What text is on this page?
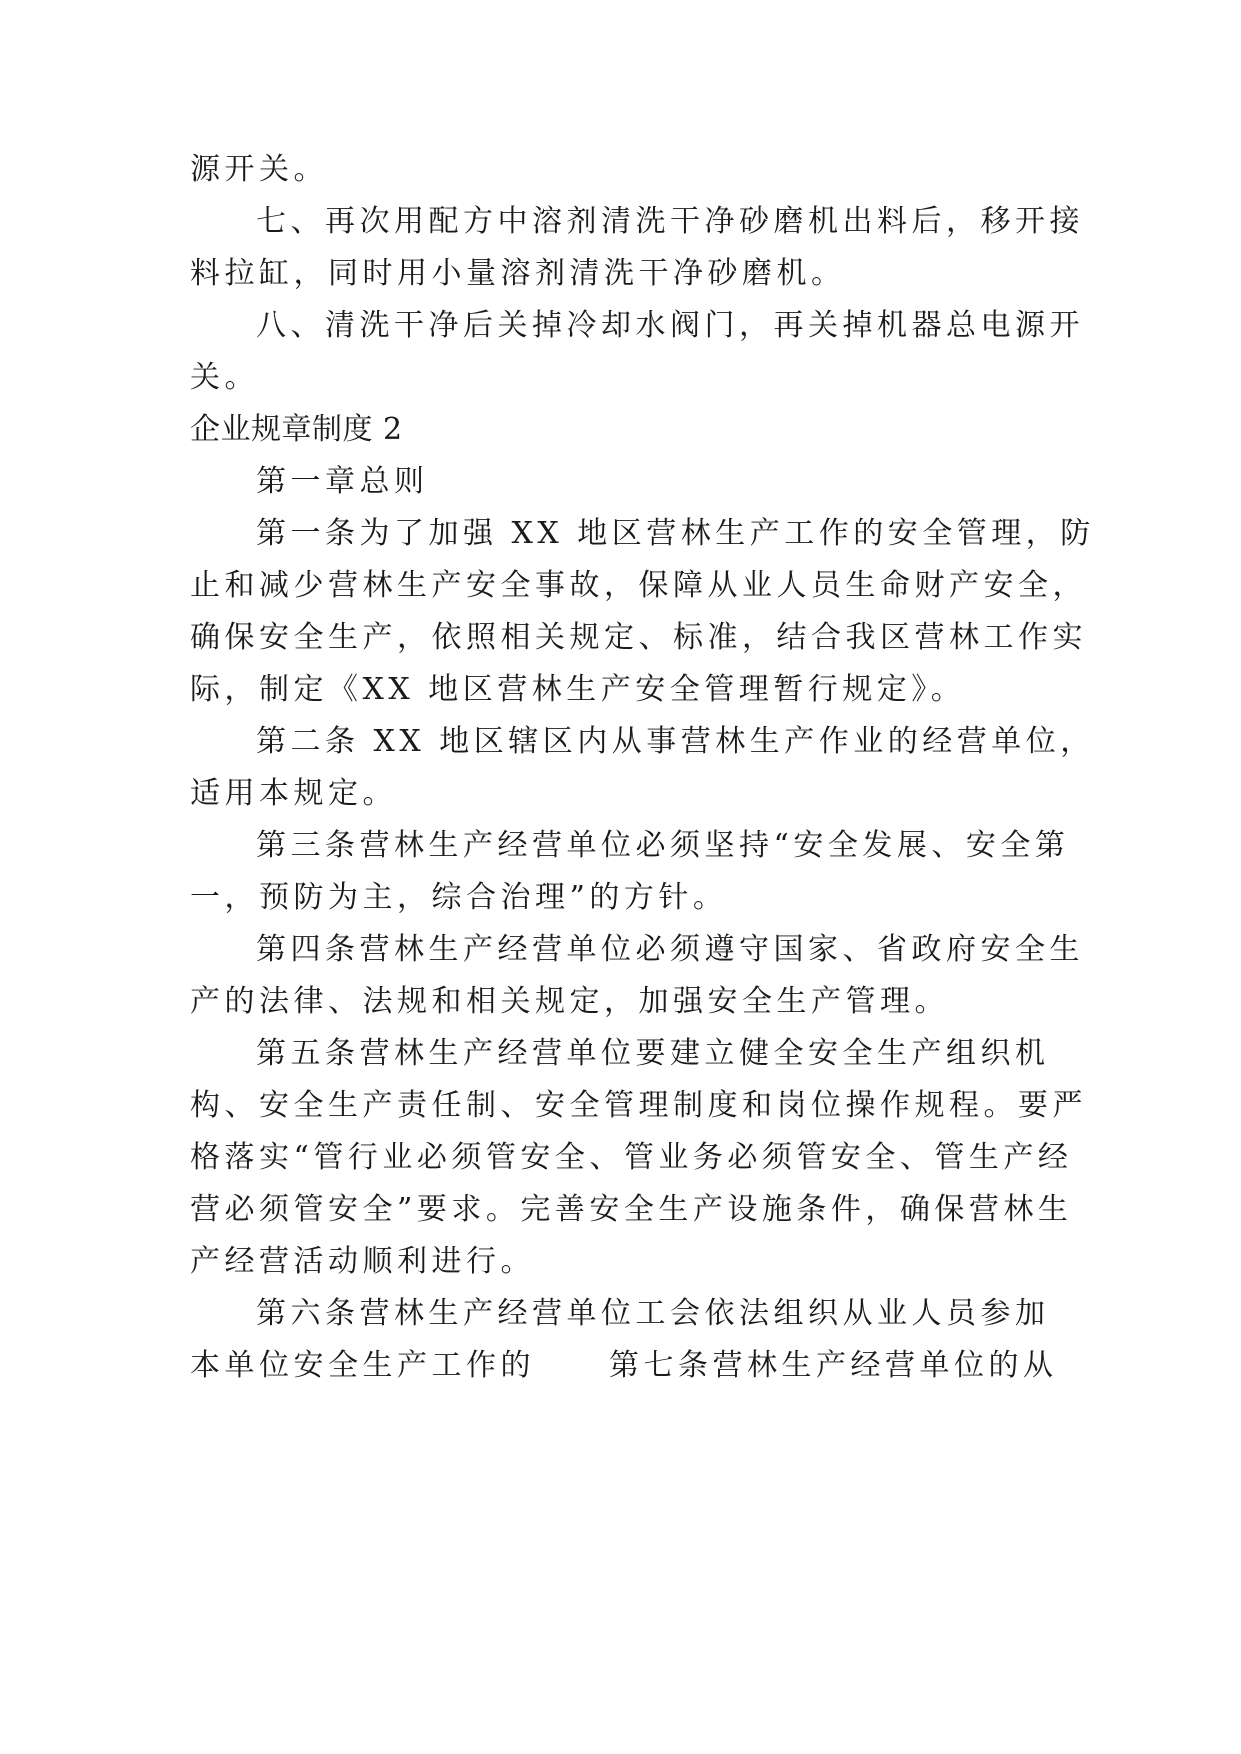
源开关。

七、再次用配方中溶剂清洗干净砂磨机出料后，移开接

料拉缸，同时用小量溶剂清洗干净砂磨机。

八、清洗干净后关掉冷却水阀门，再关掉机器总电源开

关。

企业规章制度 2

第一章总则

第一条为了加强 XX 地区营林生产工作的安全管理，防

止和减少营林生产安全事故，保障从业人员生命财产安全，

确保安全生产，依照相关规定、标准，结合我区营林工作实

际，制定《XX 地区营林生产安全管理暂行规定》。

第二条 XX 地区辖区内从事营林生产作业的经营单位，

适用本规定。

第三条营林生产经营单位必须坚持“安全发展、安全第

一，预防为主，综合治理”的方针。

第四条营林生产经营单位必须遵守国家、省政府安全生

产的法律、法规和相关规定，加强安全生产管理。

第五条营林生产经营单位要建立健全安全生产组织机

构、安全生产责任制、安全管理制度和岗位操作规程。要严

格落实“管行业必须管安全、管业务必须管安全、管生产经

营必须管安全”要求。完善安全生产设施条件，确保营林生

产经营活动顺利进行。

第六条营林生产经营单位工会依法组织从业人员参加

本单位安全生产工作的 第七条营林生产经营单位的从
